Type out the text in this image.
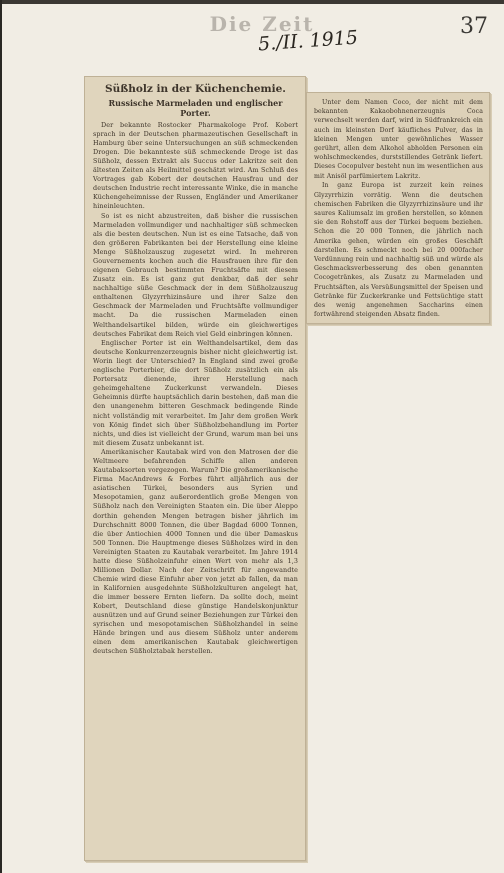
Die Zeit	37
5./II. 1915
Süßholz in der Küchenchemie.
Russische Marmeladen und englischer Porter.

Der bekannte Rostocker Pharmakologe Prof. Kobert sprach in der Deutschen pharmazeutischen Gesellschaft in Hamburg über seine Untersuchungen an süß schmeckenden Drogen. Die bekannteste süß schmeckende Droge ist das Süßholz, dessen Extrakt als Succus oder Lakritze seit den ältesten Zeiten als Heilmittel geschätzt wird. Am Schluß des Vortrages gab Kobert der deutschen Hausfrau und der deutschen Industrie recht interessante Winke, die in manche Küchengeheimnisse der Russen, Engländer und Amerikaner hineinleuchten.

So ist es nicht abzustreiten, daß bisher die russischen Marmeladen vollmundiger und nachhaltiger süß schmecken als die besten deutschen. Nun ist es eine Tatsache, daß von den größeren Fabrikanten bei der Herstellung eine kleine Menge Süßholzauszug zugesetzt wird. In mehreren Gouvernements kochen auch die Hausfrauen ihre für den eigenen Gebrauch bestimmten Fruchtsäfte mit diesem Zusatz ein. Es ist ganz gut denkbar, daß der sehr nachhaltige süße Geschmack der in dem Süßholzauszug enthaltenen Glyzyrrhizinsäure und ihrer Salze den Geschmack der Marmeladen und Fruchtsäfte vollmundiger macht. Da die russischen Marmeladen einen Welthandelsartikel bilden, würde ein gleichwertiges deutsches Fabrikat dem Reich viel Geld einbringen können.

Englischer Porter ist ein Welthandelsartikel, dem das deutsche Konkurrenzerzeugnis bisher nicht gleichwertig ist. Worin liegt der Unterschied? In England sind zwei große englische Porterbier, die dort Süßholz zusätzlich ein als Portersatz dienende, ihrer Herstellung nach geheimgehaltene Zuckerkunst verwandeln. Dieses Geheimnis dürfte hauptsächlich darin bestehen, daß man die den unangenehm bitteren Geschmack bedingende Rinde nicht vollständig mit verarbeitet. Im Jahr dem großen Werk von König findet sich über Süßholzbehandlung im Porter nichts, und dies ist vielleicht der Grund, warum man bei uns mit diesem Zusatz unbekannt ist.

Amerikanischer Kautabak wird von den Matrosen der die Weltmeere befahrenden Schiffe allen anderen Kautabaksorten vorgezogen. Warum? Die großamerikanische Firma MacAndrews & Forbes führt alljährlich aus der asiatischen Türkei, besonders aus Syrien und Mesopotamien, ganz außerordentlich große Mengen von Süßholz nach den Vereinigten Staaten ein. Die über Aleppo dorthin gehenden Mengen betragen bisher jährlich im Durchschnitt 8000 Tonnen, die über Bagdad 6000 Tonnen, die über Antiochien 4000 Tonnen und die über Damaskus 500 Tonnen. Die Hauptmenge dieses Süßholzes wird in den Vereinigten Staaten zu Kautabak verarbeitet. Im Jahre 1914 hatte diese Süßholzeinfuhr einen Wert von mehr als 1,3 Millionen Dollar. Nach der Zeitschrift für angewandte Chemie wird diese Einfuhr aber von jetzt ab fallen, da man in Kalifornien ausgedehnte Süßholzkulturen angelegt hat, die immer bessere Ernten liefern. Da sollte doch, meint Kobert, Deutschland diese günstige Handelskonjunktur ausnützen und auf Grund seiner Beziehungen zur Türkei den syrischen und mesopotamischen Süßholzhandel in seine Hände bringen und aus diesem Süßholz unter anderem einen dem amerikanischen Kautabak gleichwertigen deutschen Süßholztabak herstellen.

Unter dem Namen Coco, der nicht mit dem bekannten Kakaobohnenerzeugnis Coca verwechselt werden darf, wird in Südfrankreich ein auch im kleinsten Dorf käufliches Pulver, das in kleinen Mengen unter gewöhnliches Wasser gerührt, allen dem Alkohol abholden Personen ein wohlschmeckendes, durststillendes Getränk liefert. Dieses Cocopulver besteht nun im wesentlichen aus mit Anisöl parfümiertem Lakritz.

In ganz Europa ist zurzeit kein reines Glyzyrrhizin vorrätig. Wenn die deutschen chemischen Fabriken die Glyzyrrhizinsäure und ihr saures Kaliumsalz im großen herstellen, so können sie den Rohstoff aus der Türkei bequem beziehen. Schon die 20 000 Tonnen, die jährlich nach Amerika gehen, würden ein großes Geschäft darstellen. Es schmeckt noch bei 20 000facher Verdünnung rein und nachhaltig süß und würde als Geschmacksverbesserung des oben genannten Cocogetränkes, als Zusatz zu Marmeladen und Fruchtsäften, als Versüßungsmittel der Speisen und Getränke für Zuckerkranke und Fettsüchtige statt des wenig angenehmen Saccharins einen fortwährend steigenden Absatz finden.
